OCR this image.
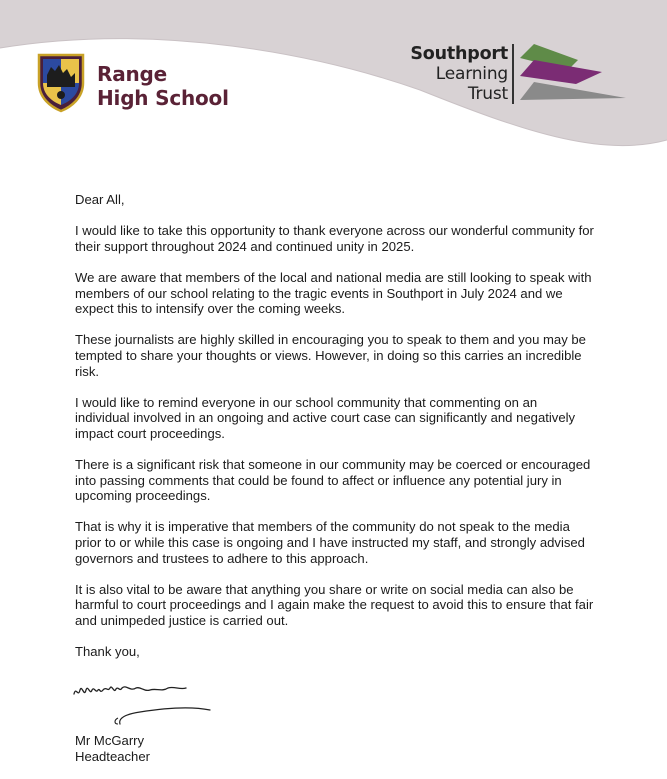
Range
High School
Southport
Learning
Trust

Dear All,

I would like to take this opportunity to thank everyone across our wonderful community for their support throughout 2024 and continued unity in 2025.

We are aware that members of the local and national media are still looking to speak with members of our school relating to the tragic events in Southport in July 2024 and we expect this to intensify over the coming weeks.

These journalists are highly skilled in encouraging you to speak to them and you may be tempted to share your thoughts or views. However, in doing so this carries an incredible risk.

I would like to remind everyone in our school community that commenting on an individual involved in an ongoing and active court case can significantly and negatively impact court proceedings.

There is a significant risk that someone in our community may be coerced or encouraged into passing comments that could be found to affect or influence any potential jury in upcoming proceedings.

That is why it is imperative that members of the community do not speak to the media prior to or while this case is ongoing and I have instructed my staff, and strongly advised governors and trustees to adhere to this approach.

It is also vital to be aware that anything you share or write on social media can also be harmful to court proceedings and I again make the request to avoid this to ensure that fair and unimpeded justice is carried out.

Thank you,

Mr McGarry
Headteacher
